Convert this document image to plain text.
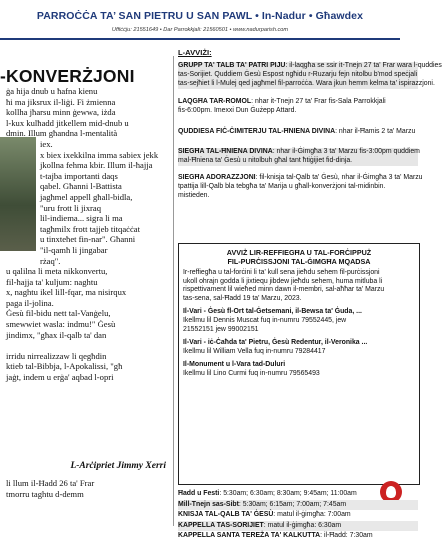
PARROĊĊA TA’ SAN PIETRU U SAN PAWL • In-Nadur • Għawdex
Uffiċċju: 21551649 • Dar Parrokkjali: 21560501 • www.nadurparish.com
-KONVERŻJONI
ġa hija dnub u ħafna kienu
ħi ma jiksrux il-liġi. Fi żmienna
kollha jħarsu minn ġewwa, iżda
l-kux kulħadd jitkellem mid-dnub u
dmin. Illum għandna l-mentalità
iex.
x biex ixekkilna imma sabiex jekk
jkollna fehma kbir. Illum il-ħajja
t-tajba importanti daqs
qabel. Għanni l-Battista
jagħmel appell għall-bidla,
"uru frott li jixraq
lil-indiema... sigra li ma
tagħmilx frott tajjeb titqaċċat
u tinxteħet fin-nar". Għanni
"il-qamħ li jingabar
rżaq".
u qalilna li meta nikkonvertu,
fil-ħajja ta' kuljum: naghtu
x, naghtu ikel lill-fqar, ma nisirqux
paga il-jolina.
Ġesù fil-bidu nett tal-Vanġelu,
smewwiet wasla: indmu!" Ġesù
jindimx, "għax il-qalb ta' dan
irridu nirrealizzaw li qegħdin
ktieb tal-Bibbja, l-Apokalissi, "għ
jaġt, indem u erġa' aqbad l-opri
L-Arċipriet Jimmy Xerri
li llum il-Ħadd 26 ta' Frar
tmorru taghtu d-demm
L-AVVIŻI:
GRUPP TA' TALB TA' PATRI PIJU: il-laqgħa se ssir it-Tnejn 27 ta' Frar wara l-quddies
tas-Sorijiet. Quddiem Ġesù Espost ngħidu r-Ruzarju fejn nitolbu b'mod speċjali
tas-sejħiet li l-Mulej qed jagħmel fil-parroċċa. Wara jkun hemm kelma ta' ispirazzjoni.
LAQGĦA TAR-ROMOL: nhar it-Tnejn 27 ta' Frar fis-Sala Parrokkjali
fis-6:00pm. Imexxi Dun Ġużepp Attard.
QUDDIESA FIĊ-ĊIMITERJU TAL-ĦNIENA DIVINA: nhar il-Ħamis 2 ta' Marzu
SIEGĦA TAL-ĦNIENA DIVINA: nhar il-Ġimgħa 3 ta' Marzu fis-3:00pm quddiem
mal-Ħniena ta' Ġesù u nitolbuh għal tant ħtiġijiet fid-dinja.
SIEGĦA ADORAZZJONI: fil-knisja tal-Qalb ta' Ġesù, nhar il-Ġimgħa 3 ta' Marzu
tpattija lill-Qalb bla tebgħa ta' Marija u għall-konverżjoni tal-midinbin.
mistieden.
AVVIŻ LIR-REFFIEGĦA U TAL-FORĊIPPUŻ
FIL-PURĊISSJONI TAL-ĠIMGĦA MQADSA
Ir-reffiegħa u tal-forċini li ta' kull sena jieħdu sehem fil-purċissjoni
ukoll ohrajn godda li jixtiequ jibdew jieħdu sehem, huma mitluba li
rispettivament lil wieħed minn dawn il-membri, sal-aħħar ta' Marzu
tas-sena, sal-Ħadd 19 ta' Marzu, 2023.
Il-Vari - Ġesù fl-Ort tal-Ġetsemani, il-Bewsa ta' Ġuda, ...
Ikellmu lil Dennis Muscat fuq in-numru 79552445, jew
21552151 jew 99002151
Il-Vari - iċ-Ċaħda ta' Pietru, Ġesù Redentur, il-Veronika ...
Ikellmu lil William Vella fuq in-numru 79284417
Il-Monument u l-Vara tad-Duluri
Ikellmu lil Lino Curmi fuq in-numru 79565493
Ħadd u Festi: 5:30am; 6:30am; 8:30am; 9:45am; 11:00am
Mill-Tnejn sas-Sibt: 5:30am; 6:15am; 7:00am; 7:45am
KNISJA TAL-QALB TA' ĠESÙ: matul il-ġimgħa: 7:00am
KAPPELLA TAS-SORIJIET: matul il-ġimgħa: 6:30am
KAPPELLA SANTA TEREŻA TA' KALKUTTA: il-Ħadd: 7:30am
